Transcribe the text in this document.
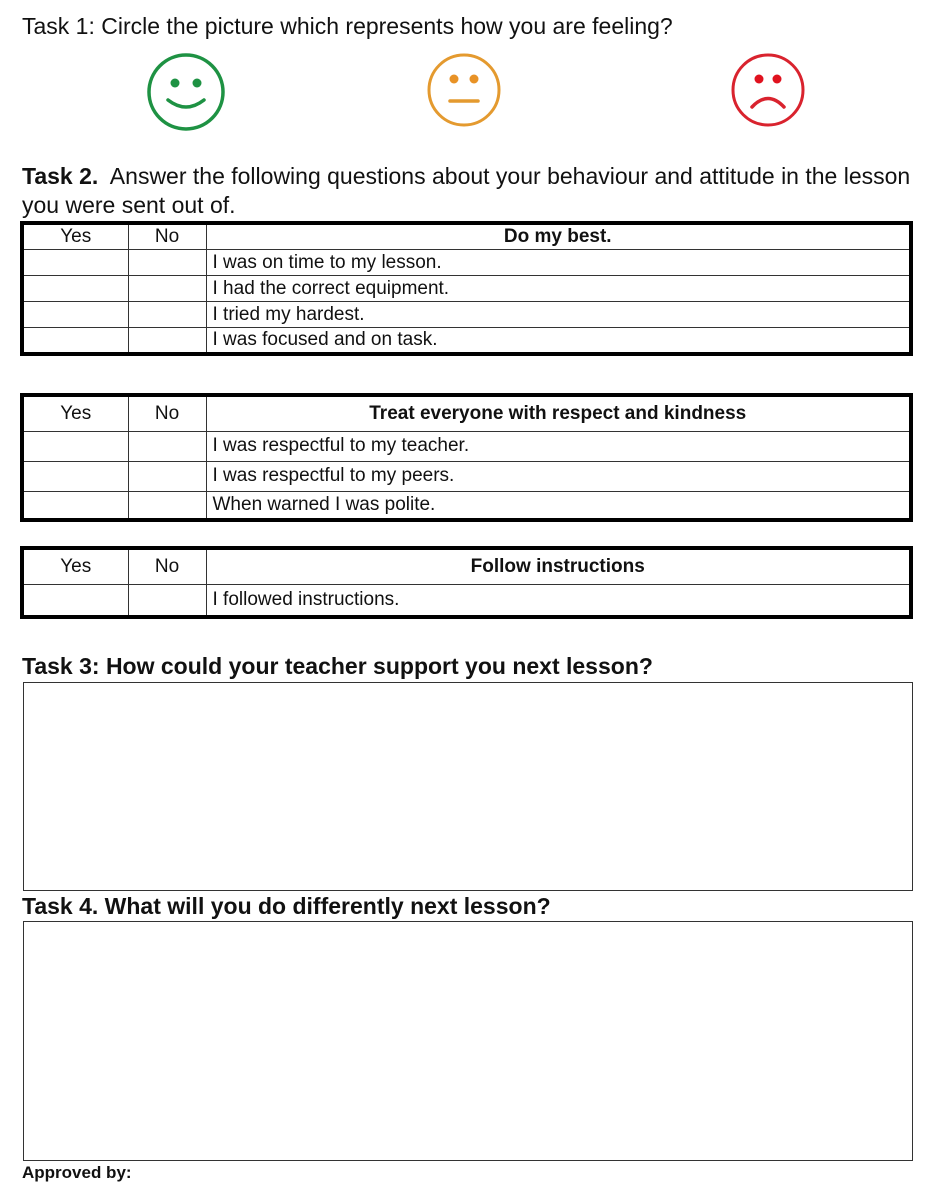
Task 1: Circle the picture which represents how you are feeling?
Task 2.  Answer the following questions about your behaviour and attitude in the lesson you were sent out of.
Yes	No	Do my best.
		I was on time to my lesson.
		I had the correct equipment.
		I tried my hardest.
		I was focused and on task.
Yes	No	Treat everyone with respect and kindness
		I was respectful to my teacher.
		I was respectful to my peers.
		When warned I was polite.
Yes	No	Follow instructions
		I followed instructions.
Task 3: How could your teacher support you next lesson?
Task 4. What will you do differently next lesson?
Approved by:
